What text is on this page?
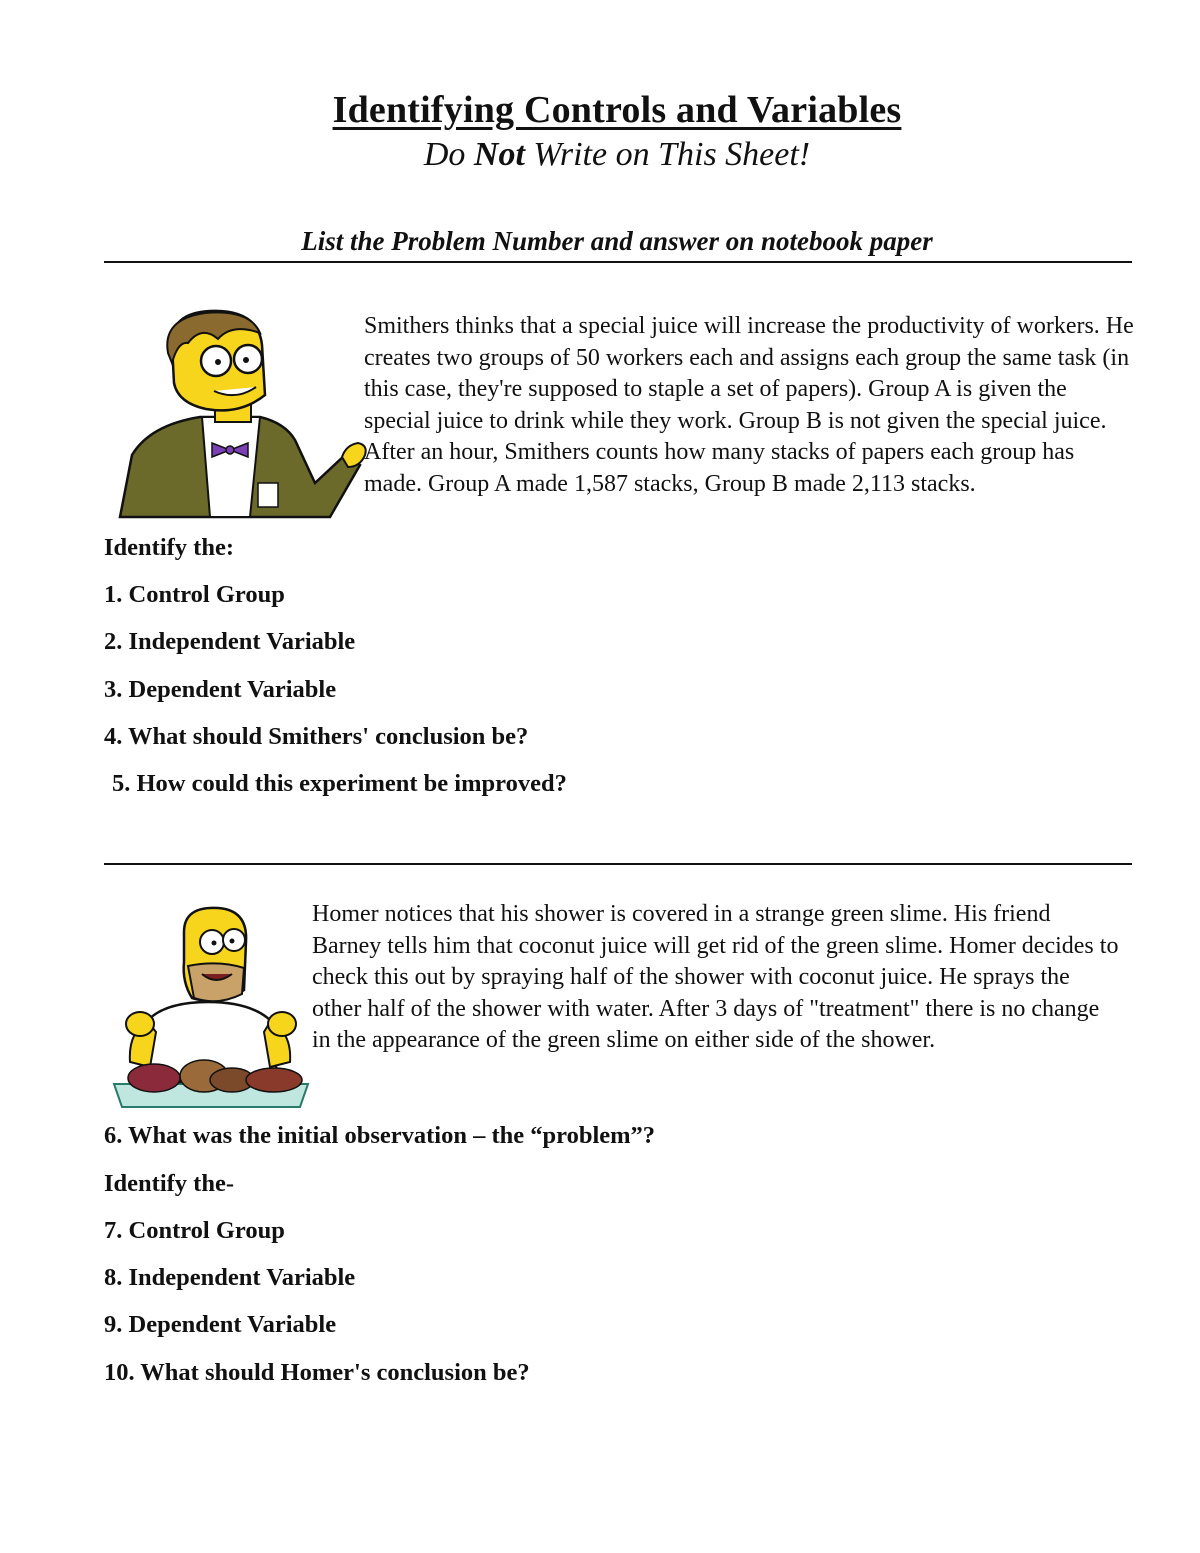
Identifying Controls and Variables
Do Not Write on This Sheet!
List the Problem Number and answer on notebook paper

Smithers thinks that a special juice will increase the productivity of workers. He creates two groups of 50 workers each and assigns each group the same task (in this case, they're supposed to staple a set of papers). Group A is given the special juice to drink while they work. Group B is not given the special juice. After an hour, Smithers counts how many stacks of papers each group has made. Group A made 1,587 stacks, Group B made 2,113 stacks.

Identify the:
1. Control Group
2. Independent Variable
3. Dependent Variable
4. What should Smithers' conclusion be?
5. How could this experiment be improved?

Homer notices that his shower is covered in a strange green slime. His friend Barney tells him that coconut juice will get rid of the green slime. Homer decides to check this out by spraying half of the shower with coconut juice. He sprays the other half of the shower with water. After 3 days of "treatment" there is no change in the appearance of the green slime on either side of the shower.

6. What was the initial observation – the “problem”?
Identify the-
7. Control Group
8. Independent Variable
9. Dependent Variable
10. What should Homer's conclusion be?
